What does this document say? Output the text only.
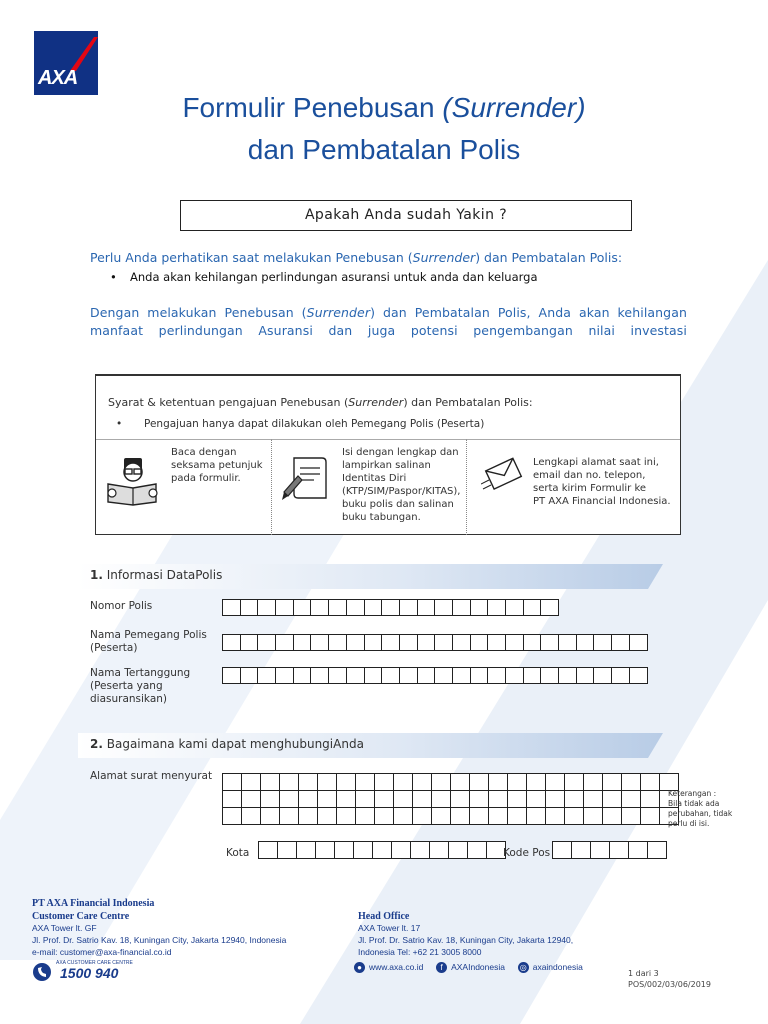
AXA
Formulir Penebusan (Surrender)
dan Pembatalan Polis
Apakah Anda sudah Yakin ?
Perlu Anda perhatikan saat melakukan Penebusan (Surrender) dan Pembatalan Polis:
• Anda akan kehilangan perlindungan asuransi untuk anda dan keluarga
Dengan melakukan Penebusan (Surrender) dan Pembatalan Polis, Anda akan kehilangan manfaat perlindungan Asuransi dan juga potensi pengembangan nilai investasi
Syarat & ketentuan pengajuan Penebusan (Surrender) dan Pembatalan Polis:
• Pengajuan hanya dapat dilakukan oleh Pemegang Polis (Peserta)
Baca dengan
seksama petunjuk
pada formulir.
Isi dengan lengkap dan
lampirkan salinan
Identitas Diri
(KTP/SIM/Paspor/KITAS),
buku polis dan salinan
buku tabungan.
Lengkapi alamat saat ini,
email dan no. telepon,
serta kirim Formulir ke
PT AXA Financial Indonesia.
1. Informasi DataPolis
Nomor Polis
Nama Pemegang Polis
(Peserta)
Nama Tertanggung
(Peserta yang
diasuransikan)
2. Bagaimana kami dapat menghubungiAnda
Alamat surat menyurat
Kota	Kode Pos
Keterangan :
Bila tidak ada
perubahan, tidak
perlu di isi.
PT AXA Financial Indonesia
Customer Care Centre
AXA Tower lt. GF
Jl. Prof. Dr. Satrio Kav. 18, Kuningan City, Jakarta 12940, Indonesia
e-mail: customer@axa-financial.co.id
AXA CUSTOMER CARE CENTRE
1500 940
Head Office
AXA Tower lt. 17
Jl. Prof. Dr. Satrio Kav. 18, Kuningan City, Jakarta 12940,
Indonesia Tel: +62 21 3005 8000
● www.axa.co.id f AXAIndonesia ◎ axaindonesia
1 dari 3
POS/002/03/06/2019
